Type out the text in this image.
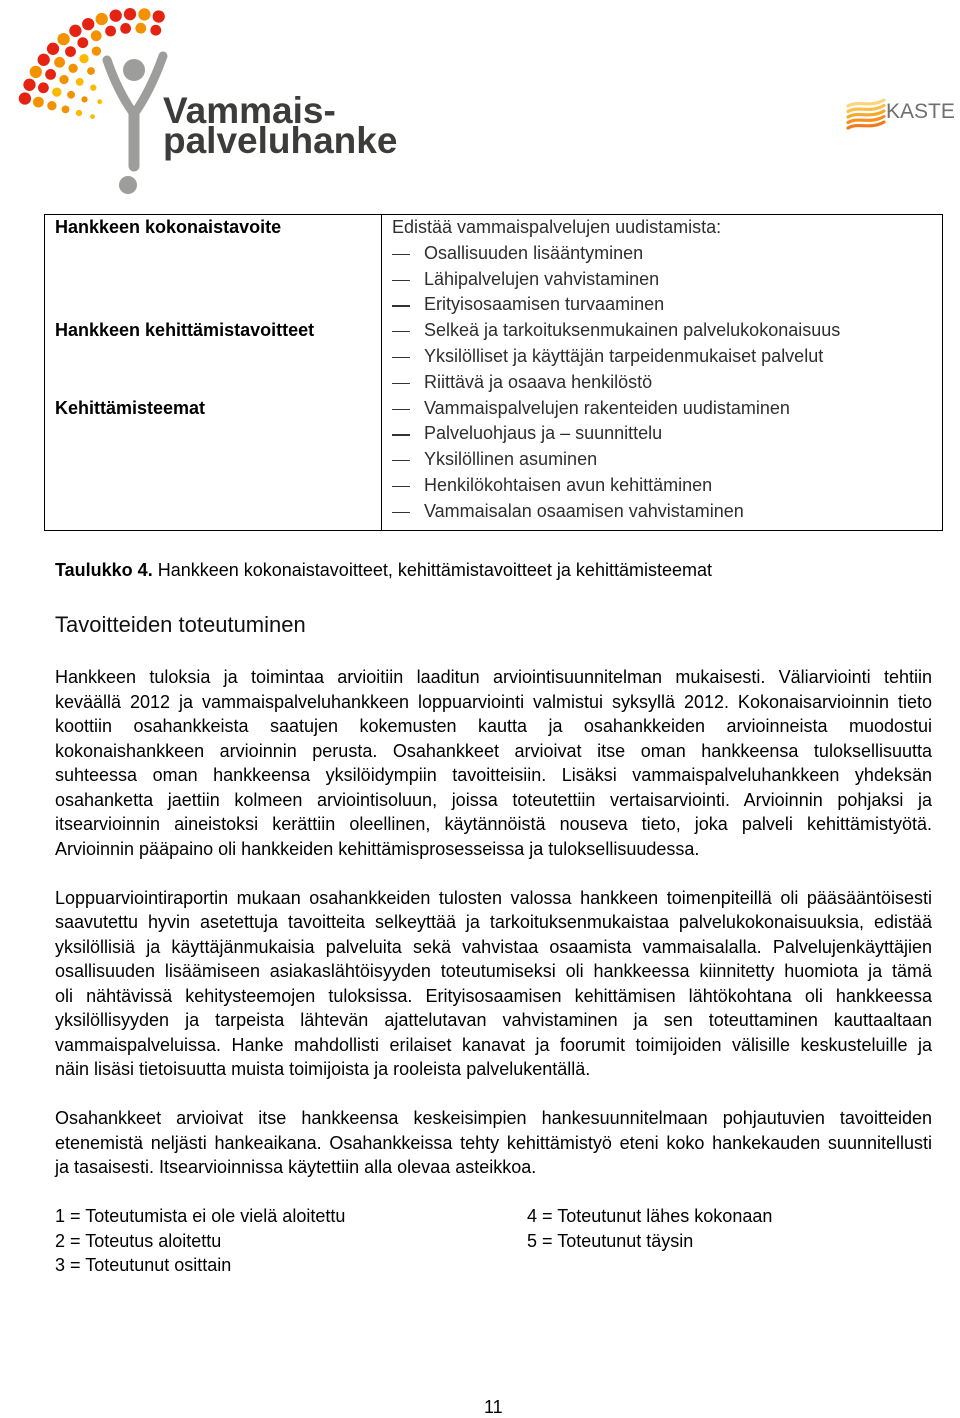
Vammais-
palveluhanke
KASTE
Hankkeen kokonaistavoite	Edistää vammaispalvelujen uudistamista:
Osallisuuden lisääntyminen
Lähipalvelujen vahvistaminen
Erityisosaamisen turvaaminen
Hankkeen kehittämistavoitteet	Selkeä ja tarkoituksenmukainen palvelukokonaisuus
Yksilölliset ja käyttäjän tarpeidenmukaiset palvelut
Riittävä ja osaava henkilöstö
Kehittämisteemat	Vammaispalvelujen rakenteiden uudistaminen
Palveluohjaus ja – suunnittelu
Yksilöllinen asuminen
Henkilökohtaisen avun kehittäminen
Vammaisalan osaamisen vahvistaminen
Taulukko 4. Hankkeen kokonaistavoitteet, kehittämistavoitteet ja kehittämisteemat
Tavoitteiden toteutuminen
Hankkeen tuloksia ja toimintaa arvioitiin laaditun arviointisuunnitelman mukaisesti. Väliarviointi tehtiin
keväällä 2012 ja vammaispalveluhankkeen loppuarviointi valmistui syksyllä 2012. Kokonaisarvioinnin tieto
koottiin osahankkeista saatujen kokemusten kautta ja osahankkeiden arvioinneista muodostui
kokonaishankkeen arvioinnin perusta. Osahankkeet arvioivat itse oman hankkeensa tuloksellisuutta
suhteessa oman hankkeensa yksilöidympiin tavoitteisiin. Lisäksi vammaispalveluhankkeen yhdeksän
osahanketta jaettiin kolmeen arviointisoluun, joissa toteutettiin vertaisarviointi. Arvioinnin pohjaksi ja
itsearvioinnin aineistoksi kerättiin oleellinen, käytännöistä nouseva tieto, joka palveli kehittämistyötä.
Arvioinnin pääpaino oli hankkeiden kehittämisprosesseissa ja tuloksellisuudessa.
Loppuarviointiraportin mukaan osahankkeiden tulosten valossa hankkeen toimenpiteillä oli pääsääntöisesti
saavutettu hyvin asetettuja tavoitteita selkeyttää ja tarkoituksenmukaistaa palvelukokonaisuuksia, edistää
yksilöllisiä ja käyttäjänmukaisia palveluita sekä vahvistaa osaamista vammaisalalla. Palvelujenkäyttäjien
osallisuuden lisäämiseen asiakaslähtöisyyden toteutumiseksi oli hankkeessa kiinnitetty huomiota ja tämä
oli nähtävissä kehitysteemojen tuloksissa. Erityisosaamisen kehittämisen lähtökohtana oli hankkeessa
yksilöllisyyden ja tarpeista lähtevän ajattelutavan vahvistaminen ja sen toteuttaminen kauttaaltaan
vammaispalveluissa. Hanke mahdollisti erilaiset kanavat ja foorumit toimijoiden välisille keskusteluille ja
näin lisäsi tietoisuutta muista toimijoista ja rooleista palvelukentällä.
Osahankkeet arvioivat itse hankkeensa keskeisimpien hankesuunnitelmaan pohjautuvien tavoitteiden
etenemistä neljästi hankeaikana. Osahankkeissa tehty kehittämistyö eteni koko hankekauden suunnitellusti
ja tasaisesti. Itsearvioinnissa käytettiin alla olevaa asteikkoa.
1 = Toteutumista ei ole vielä aloitettu
2 = Toteutus aloitettu
3 = Toteutunut osittain
4 = Toteutunut lähes kokonaan
5 = Toteutunut täysin
11
